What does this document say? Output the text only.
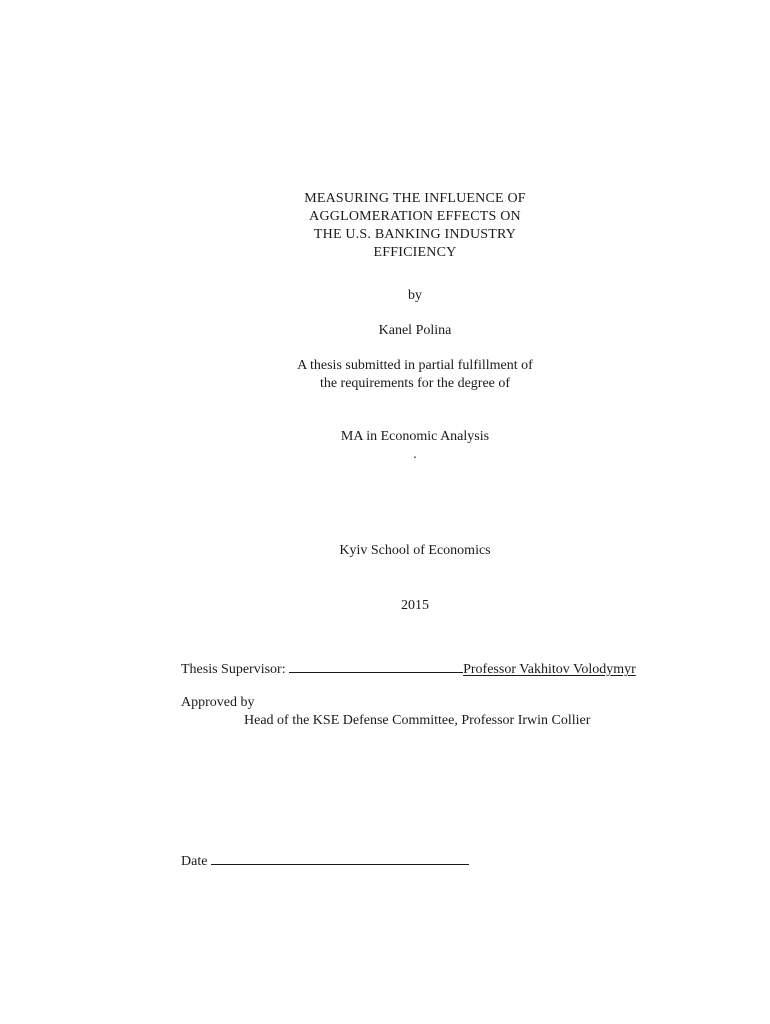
MEASURING THE INFLUENCE OF
AGGLOMERATION EFFECTS ON
THE U.S. BANKING INDUSTRY
EFFICIENCY
by
Kanel Polina
A thesis submitted in partial fulfillment of
the requirements for the degree of
MA in Economic Analysis
.
Kyiv School of Economics
2015
Thesis Supervisor:	Professor Vakhitov Volodymyr
Approved by
Head of the KSE Defense Committee, Professor Irwin Collier
Date
